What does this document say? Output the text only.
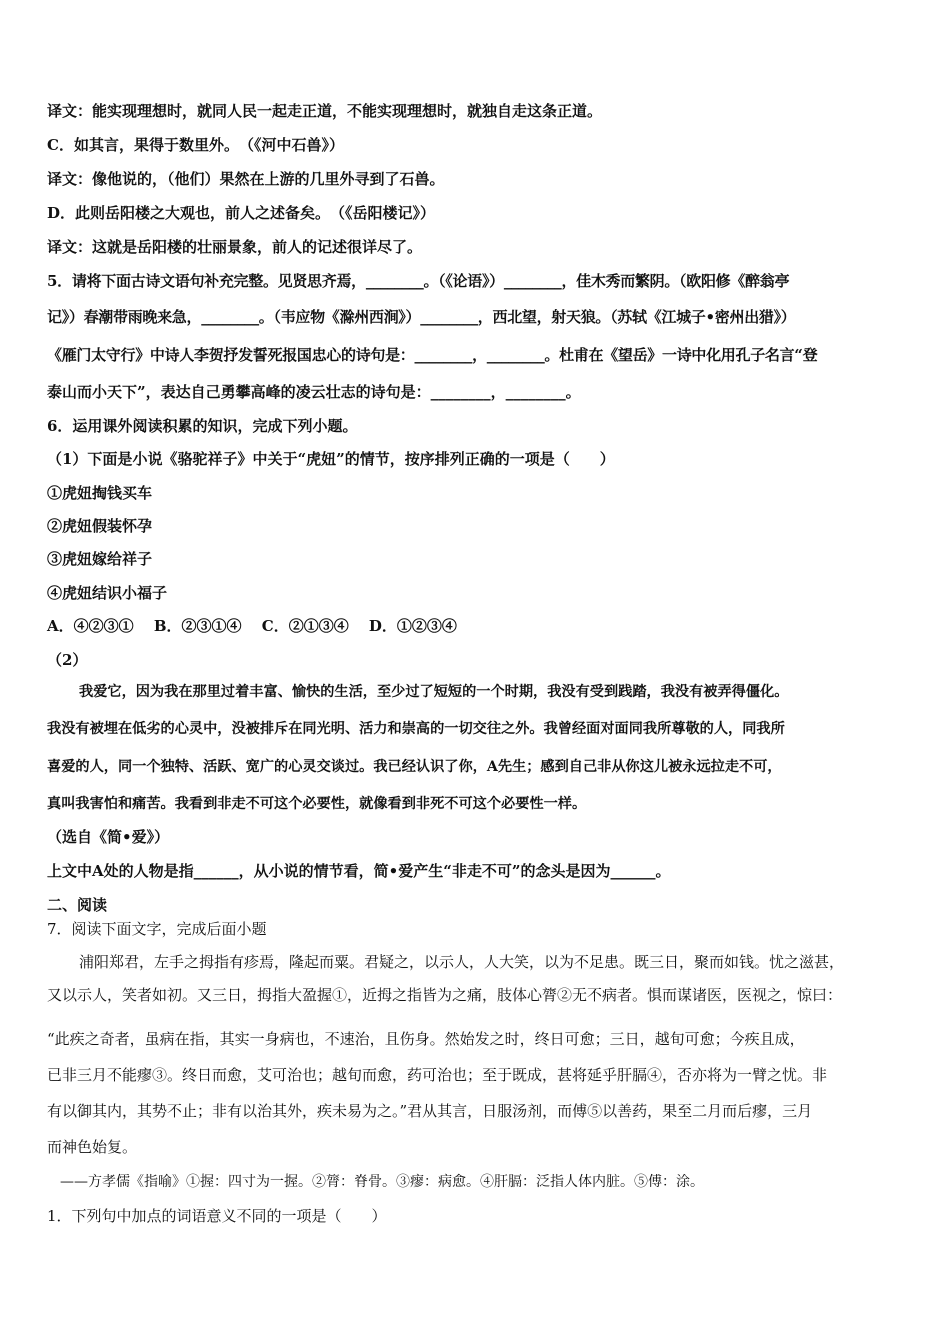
译文：能实现理想时，就同人民一起走正道，不能实现理想时，就独自走这条正道。
C．如其言，果得于数里外。　（《河中石兽》）
译文：像他说的，（他们）果然在上游的几里外寻到了石兽。
D．此则岳阳楼之大观也，前人之述备矣。　（《岳阳楼记》）
译文：这就是岳阳楼的壮丽景象，前人的记述很详尽了。
5．请将下面古诗文语句补充完整。见贤思齐焉，________。（《论语》）________，佳木秀而繁阴。（欧阳修《醉翁亭
记》）春潮带雨晚来急，________。（韦应物《滁州西涧》）________，西北望，射天狼。（苏轼《江城子•密州出猎》）
《雁门太守行》中诗人李贺抒发誓死报国忠心的诗句是：________，________。杜甫在《望岳》一诗中化用孔子名言“登
泰山而小天下”，表达自己勇攀高峰的凌云壮志的诗句是：________，________。
6．运用课外阅读积累的知识，完成下列小题。
（1）下面是小说《骆驼祥子》中关于“虎妞”的情节，按序排列正确的一项是（　　）
①虎妞掏钱买车
②虎妞假装怀孕
③虎妞嫁给祥子
④虎妞结识小福子
A．④②③①　 B．②③①④　 C．②①③④　 D．①②③④
（2）
我爱它，因为我在那里过着丰富、愉快的生活，至少过了短短的一个时期，我没有受到践踏，我没有被弄得僵化。
我没有被埋在低劣的心灵中，没被排斥在同光明、活力和崇高的一切交往之外。我曾经面对面同我所尊敬的人，同我所
喜爱的人，同一个独特、活跃、宽广的心灵交谈过。我已经认识了你，A先生；感到自己非从你这儿被永远拉走不可，
真叫我害怕和痛苦。我看到非走不可这个必要性，就像看到非死不可这个必要性一样。
（选自《简•爱》）
上文中A处的人物是指______，从小说的情节看，简•爱产生“非走不可”的念头是因为______。
二、阅读
7．阅读下面文字，完成后面小题
浦阳郑君，左手之拇指有疹焉，隆起而粟。君疑之，以示人，人大笑，以为不足患。既三日，聚而如钱。忧之滋甚，
又以示人，笑者如初。又三日，拇指大盈握①，近拇之指皆为之痛，肢体心膂②无不病者。惧而谋诸医，医视之，惊曰：
“此疾之奇者，虽病在指，其实一身病也，不速治，且伤身。然始发之时，终日可愈；三日，越旬可愈；今疾且成，
已非三月不能瘳③。终日而愈，艾可治也；越旬而愈，药可治也；至于既成，甚将延乎肝膈④，否亦将为一臂之忧。非
有以御其内，其势不止；非有以治其外，疾未易为之。”君从其言，日服汤剂，而傅⑤以善药，果至二月而后瘳，三月
而神色始复。
——方孝儒《指喻》①握：四寸为一握。②膂：脊骨。③瘳：病愈。④肝膈：泛指人体内脏。⑤傅：涂。
1．下列句中加点的词语意义不同的一项是（　　）
